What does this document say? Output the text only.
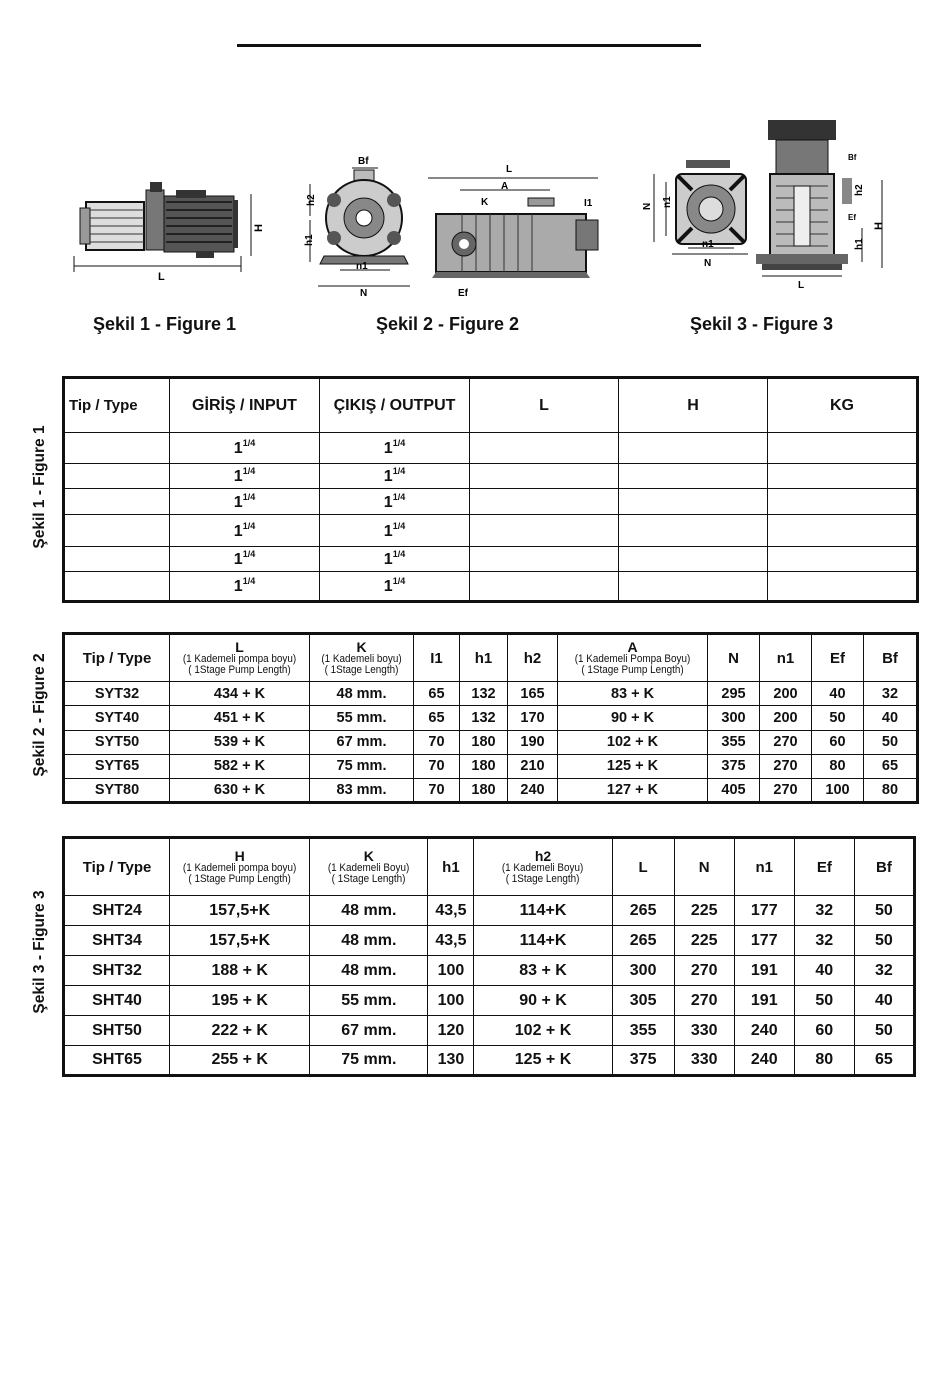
L
H
Şekil 1 - Figure 1
Bf
h2
h1
n1
N
L
A
K	I1
Ef
Şekil 2 - Figure 2
N n1
n1
N
Bf
h2
Ef
h1
H
L
Şekil 3 - Figure 3
Şekil 1 - Figure 1
Şekil 2 - Figure 2
Şekil 3 - Figure 3
Tip / Type	GİRİŞ / INPUT	ÇIKIŞ / OUTPUT	L	H	KG
	$1^{1/4}$	$1^{1/4}$			
	$1^{1/4}$	$1^{1/4}$			
	$1^{1/4}$	$1^{1/4}$			
	$1^{1/4}$	$1^{1/4}$			
	$1^{1/4}$	$1^{1/4}$			
	$1^{1/4}$	$1^{1/4}$			
Tip / Type	L
(1 Kademeli pompa boyu)
( 1Stage Pump Length)	K
(1 Kademeli boyu)
( 1Stage Length)	I1	h1	h2	A
(1 Kademeli Pompa Boyu)
( 1Stage Pump Length)	N	n1	Ef	Bf
SYT32	434 + K	48 mm.	65	132	165	83 + K	295	200	40	32
SYT40	451 + K	55 mm.	65	132	170	90 + K	300	200	50	40
SYT50	539 + K	67 mm.	70	180	190	102 + K	355	270	60	50
SYT65	582 + K	75 mm.	70	180	210	125 + K	375	270	80	65
SYT80	630 + K	83 mm.	70	180	240	127 + K	405	270	100	80
Tip / Type	H
(1 Kademeli pompa boyu)
( 1Stage Pump Length)	K
(1 Kademeli Boyu)
( 1Stage Length)	h1	h2
(1 Kademeli Boyu)
( 1Stage Length)	L	N	n1	Ef	Bf
SHT24	157,5+K	48 mm.	43,5	114+K	265	225	177	32	50
SHT34	157,5+K	48 mm.	43,5	114+K	265	225	177	32	50
SHT32	188 + K	48 mm.	100	83 + K	300	270	191	40	32
SHT40	195 + K	55 mm.	100	90 + K	305	270	191	50	40
SHT50	222 + K	67 mm.	120	102 + K	355	330	240	60	50
SHT65	255 + K	75 mm.	130	125 + K	375	330	240	80	65
